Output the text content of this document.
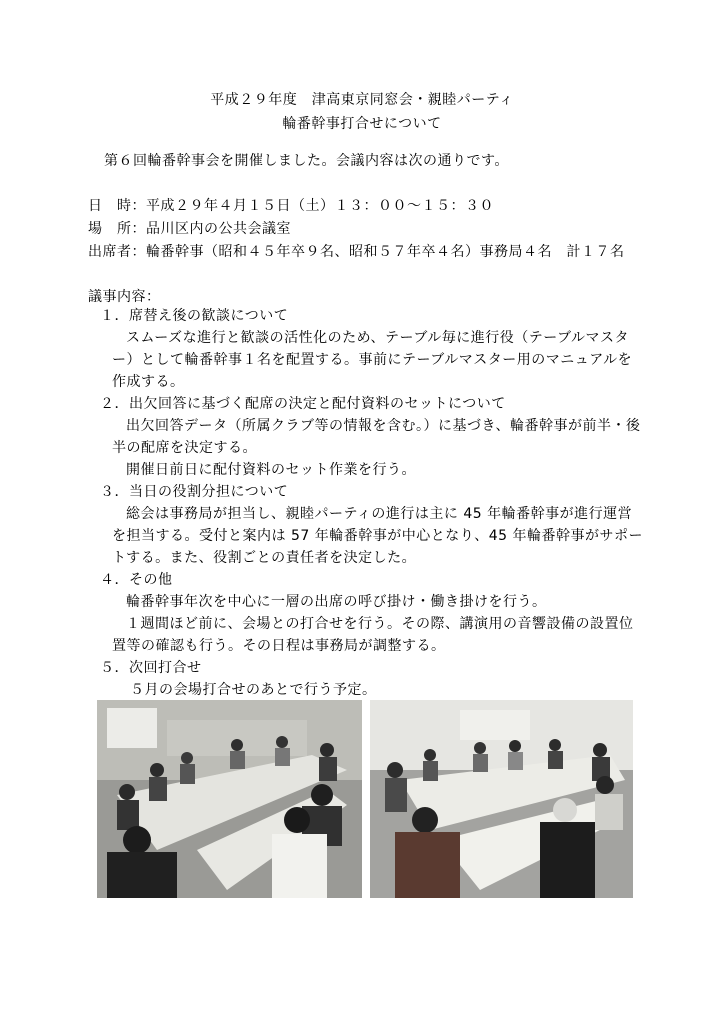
平成２９年度　津高東京同窓会・親睦パーティ
輪番幹事打合せについて
第６回輪番幹事会を開催しました。会議内容は次の通りです。
日　時：平成２９年４月１５日（土）１３：００～１５：３０
場　所：品川区内の公共会議室
出席者：輪番幹事（昭和４５年卒９名、昭和５７年卒４名）事務局４名　計１７名
議事内容：
１．席替え後の歓談について
スムーズな進行と歓談の活性化のため、テーブル毎に進行役（テーブルマスタ
ー）として輪番幹事１名を配置する。事前にテーブルマスター用のマニュアルを
作成する。
２．出欠回答に基づく配席の決定と配付資料のセットについて
出欠回答データ（所属クラブ等の情報を含む。）に基づき、輪番幹事が前半・後
半の配席を決定する。
開催日前日に配付資料のセット作業を行う。
３．当日の役割分担について
総会は事務局が担当し、親睦パーティの進行は主に 45 年輪番幹事が進行運営
を担当する。受付と案内は 57 年輪番幹事が中心となり、45 年輪番幹事がサポー
トする。また、役割ごとの責任者を決定した。
４．その他
輪番幹事年次を中心に一層の出席の呼び掛け・働き掛けを行う。
１週間ほど前に、会場との打合せを行う。その際、講演用の音響設備の設置位
置等の確認も行う。その日程は事務局が調整する。
５．次回打合せ
５月の会場打合せのあとで行う予定。
